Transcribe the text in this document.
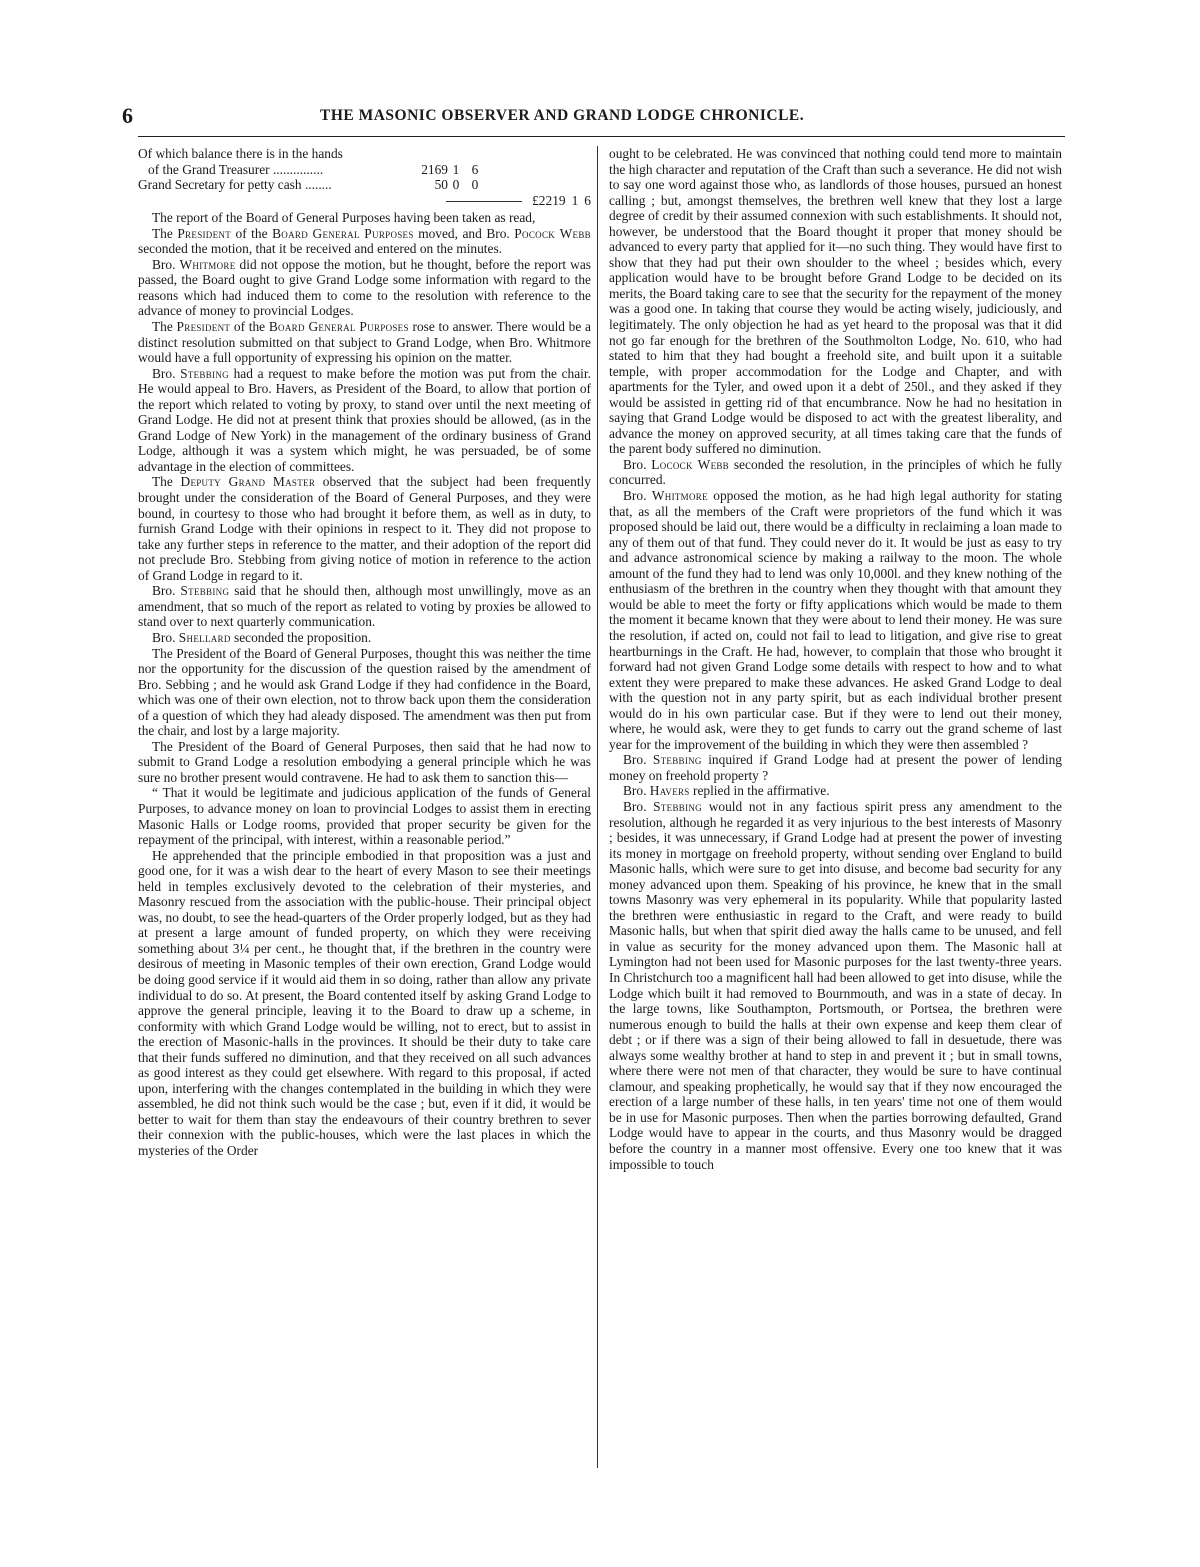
6	THE MASONIC OBSERVER AND GRAND LODGE CHRONICLE.

Of which balance there is in the hands

of the Grand Treasurer ...............	2169 1 6
Grand Secretary for petty cash ........	50 0 0
£2219 1 6

The report of the Board of General Purposes having been taken as read,

The President of the Board General Purposes moved, and Bro. Pocock Webb seconded the motion, that it be received and entered on the minutes.

Bro. Whitmore did not oppose the motion, but he thought, before the report was passed, the Board ought to give Grand Lodge some information with regard to the reasons which had induced them to come to the resolution with reference to the advance of money to provincial Lodges.

The President of the Board General Purposes rose to answer. There would be a distinct resolution submitted on that subject to Grand Lodge, when Bro. Whitmore would have a full opportunity of expressing his opinion on the matter.

Bro. Stebbing had a request to make before the motion was put from the chair. He would appeal to Bro. Havers, as President of the Board, to allow that portion of the report which related to voting by proxy, to stand over until the next meeting of Grand Lodge. He did not at present think that proxies should be allowed, (as in the Grand Lodge of New York) in the management of the ordinary business of Grand Lodge, although it was a system which might, he was persuaded, be of some advantage in the election of committees.

The Deputy Grand Master observed that the subject had been frequently brought under the consideration of the Board of General Purposes, and they were bound, in courtesy to those who had brought it before them, as well as in duty, to furnish Grand Lodge with their opinions in respect to it. They did not propose to take any further steps in reference to the matter, and their adoption of the report did not preclude Bro. Stebbing from giving notice of motion in reference to the action of Grand Lodge in regard to it.

Bro. Stebbing said that he should then, although most unwillingly, move as an amendment, that so much of the report as related to voting by proxies be allowed to stand over to next quarterly communication.

Bro. Shellard seconded the proposition.

The President of the Board of General Purposes, thought this was neither the time nor the opportunity for the discussion of the question raised by the amendment of Bro. Sebbing ; and he would ask Grand Lodge if they had confidence in the Board, which was one of their own election, not to throw back upon them the consideration of a question of which they had aleady disposed. The amendment was then put from the chair, and lost by a large majority.

The President of the Board of General Purposes, then said that he had now to submit to Grand Lodge a resolution embodying a general principle which he was sure no brother present would contravene. He had to ask them to sanction this—

“ That it would be legitimate and judicious application of the funds of General Purposes, to advance money on loan to provincial Lodges to assist them in erecting Masonic Halls or Lodge rooms, provided that proper security be given for the repayment of the principal, with interest, within a reasonable period.”

He apprehended that the principle embodied in that proposition was a just and good one, for it was a wish dear to the heart of every Mason to see their meetings held in temples exclusively devoted to the celebration of their mysteries, and Masonry rescued from the association with the public-house. Their principal object was, no doubt, to see the head-quarters of the Order properly lodged, but as they had at present a large amount of funded property, on which they were receiving something about 3¼ per cent., he thought that, if the brethren in the country were desirous of meeting in Masonic temples of their own erection, Grand Lodge would be doing good service if it would aid them in so doing, rather than allow any private individual to do so. At present, the Board contented itself by asking Grand Lodge to approve the general principle, leaving it to the Board to draw up a scheme, in conformity with which Grand Lodge would be willing, not to erect, but to assist in the erection of Masonic-halls in the provinces. It should be their duty to take care that their funds suffered no diminution, and that they received on all such advances as good interest as they could get elsewhere. With regard to this proposal, if acted upon, interfering with the changes contemplated in the building in which they were assembled, he did not think such would be the case ; but, even if it did, it would be better to wait for them than stay the endeavours of their country brethren to sever their connexion with the public-houses, which were the last places in which the mysteries of the Order

ought to be celebrated. He was convinced that nothing could tend more to maintain the high character and reputation of the Craft than such a severance. He did not wish to say one word against those who, as landlords of those houses, pursued an honest calling ; but, amongst themselves, the brethren well knew that they lost a large degree of credit by their assumed connexion with such establishments. It should not, however, be understood that the Board thought it proper that money should be advanced to every party that applied for it—no such thing. They would have first to show that they had put their own shoulder to the wheel ; besides which, every application would have to be brought before Grand Lodge to be decided on its merits, the Board taking care to see that the security for the repayment of the money was a good one. In taking that course they would be acting wisely, judiciously, and legitimately. The only objection he had as yet heard to the proposal was that it did not go far enough for the brethren of the Southmolton Lodge, No. 610, who had stated to him that they had bought a freehold site, and built upon it a suitable temple, with proper accommodation for the Lodge and Chapter, and with apartments for the Tyler, and owed upon it a debt of 250l., and they asked if they would be assisted in getting rid of that encumbrance. Now he had no hesitation in saying that Grand Lodge would be disposed to act with the greatest liberality, and advance the money on approved security, at all times taking care that the funds of the parent body suffered no diminution.

Bro. Locock Webb seconded the resolution, in the principles of which he fully concurred.

Bro. Whitmore opposed the motion, as he had high legal authority for stating that, as all the members of the Craft were proprietors of the fund which it was proposed should be laid out, there would be a difficulty in reclaiming a loan made to any of them out of that fund. They could never do it. It would be just as easy to try and advance astronomical science by making a railway to the moon. The whole amount of the fund they had to lend was only 10,000l. and they knew nothing of the enthusiasm of the brethren in the country when they thought with that amount they would be able to meet the forty or fifty applications which would be made to them the moment it became known that they were about to lend their money. He was sure the resolution, if acted on, could not fail to lead to litigation, and give rise to great heartburnings in the Craft. He had, however, to complain that those who brought it forward had not given Grand Lodge some details with respect to how and to what extent they were prepared to make these advances. He asked Grand Lodge to deal with the question not in any party spirit, but as each individual brother present would do in his own particular case. But if they were to lend out their money, where, he would ask, were they to get funds to carry out the grand scheme of last year for the improvement of the building in which they were then assembled ?

Bro. Stebbing inquired if Grand Lodge had at present the power of lending money on freehold property ?

Bro. Havers replied in the affirmative.

Bro. Stebbing would not in any factious spirit press any amendment to the resolution, although he regarded it as very injurious to the best interests of Masonry ; besides, it was unnecessary, if Grand Lodge had at present the power of investing its money in mortgage on freehold property, without sending over England to build Masonic halls, which were sure to get into disuse, and become bad security for any money advanced upon them. Speaking of his province, he knew that in the small towns Masonry was very ephemeral in its popularity. While that popularity lasted the brethren were enthusiastic in regard to the Craft, and were ready to build Masonic halls, but when that spirit died away the halls came to be unused, and fell in value as security for the money advanced upon them. The Masonic hall at Lymington had not been used for Masonic purposes for the last twenty-three years. In Christchurch too a magnificent hall had been allowed to get into disuse, while the Lodge which built it had removed to Bournmouth, and was in a state of decay. In the large towns, like Southampton, Portsmouth, or Portsea, the brethren were numerous enough to build the halls at their own expense and keep them clear of debt ; or if there was a sign of their being allowed to fall in desuetude, there was always some wealthy brother at hand to step in and prevent it ; but in small towns, where there were not men of that character, they would be sure to have continual clamour, and speaking prophetically, he would say that if they now encouraged the erection of a large number of these halls, in ten years' time not one of them would be in use for Masonic purposes. Then when the parties borrowing defaulted, Grand Lodge would have to appear in the courts, and thus Masonry would be dragged before the country in a manner most offensive. Every one too knew that it was impossible to touch
